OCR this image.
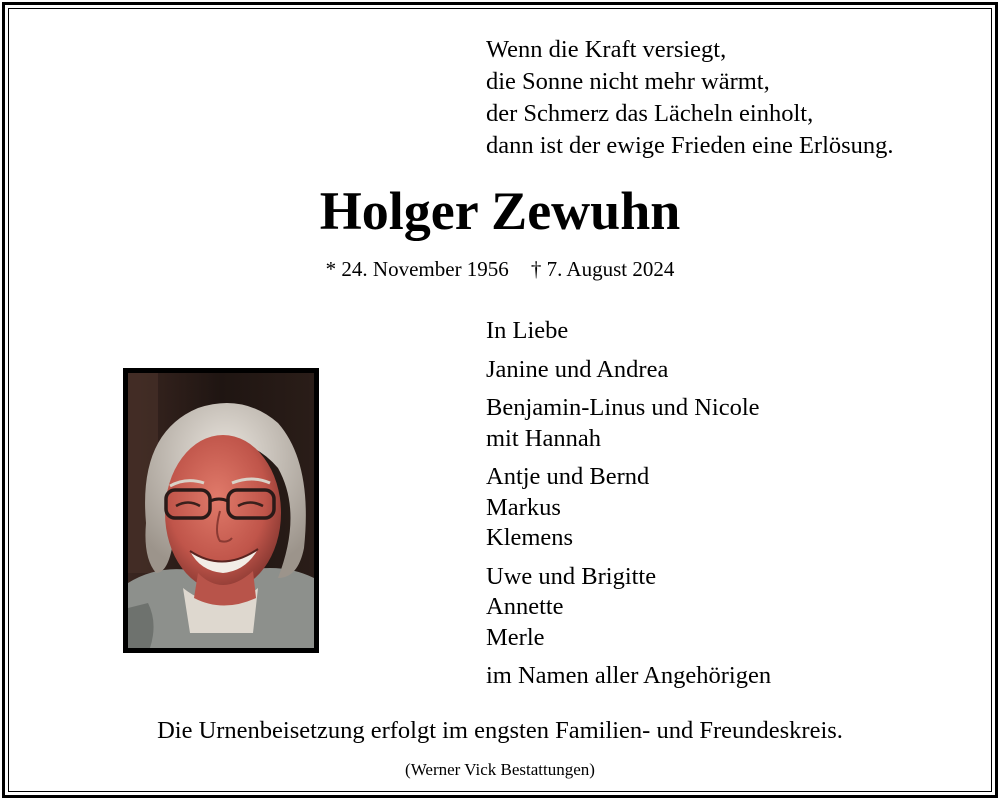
Wenn die Kraft versiegt,
die Sonne nicht mehr wärmt,
der Schmerz das Lächeln einholt,
dann ist der ewige Frieden eine Erlösung.
Holger Zewuhn
* 24. November 1956 † 7. August 2024
In Liebe
Janine und Andrea
Benjamin-Linus und Nicole
mit Hannah
Antje und Bernd
Markus
Klemens
Uwe und Brigitte
Annette
Merle
im Namen aller Angehörigen
Die Urnenbeisetzung erfolgt im engsten Familien- und Freundeskreis.
(Werner Vick Bestattungen)
